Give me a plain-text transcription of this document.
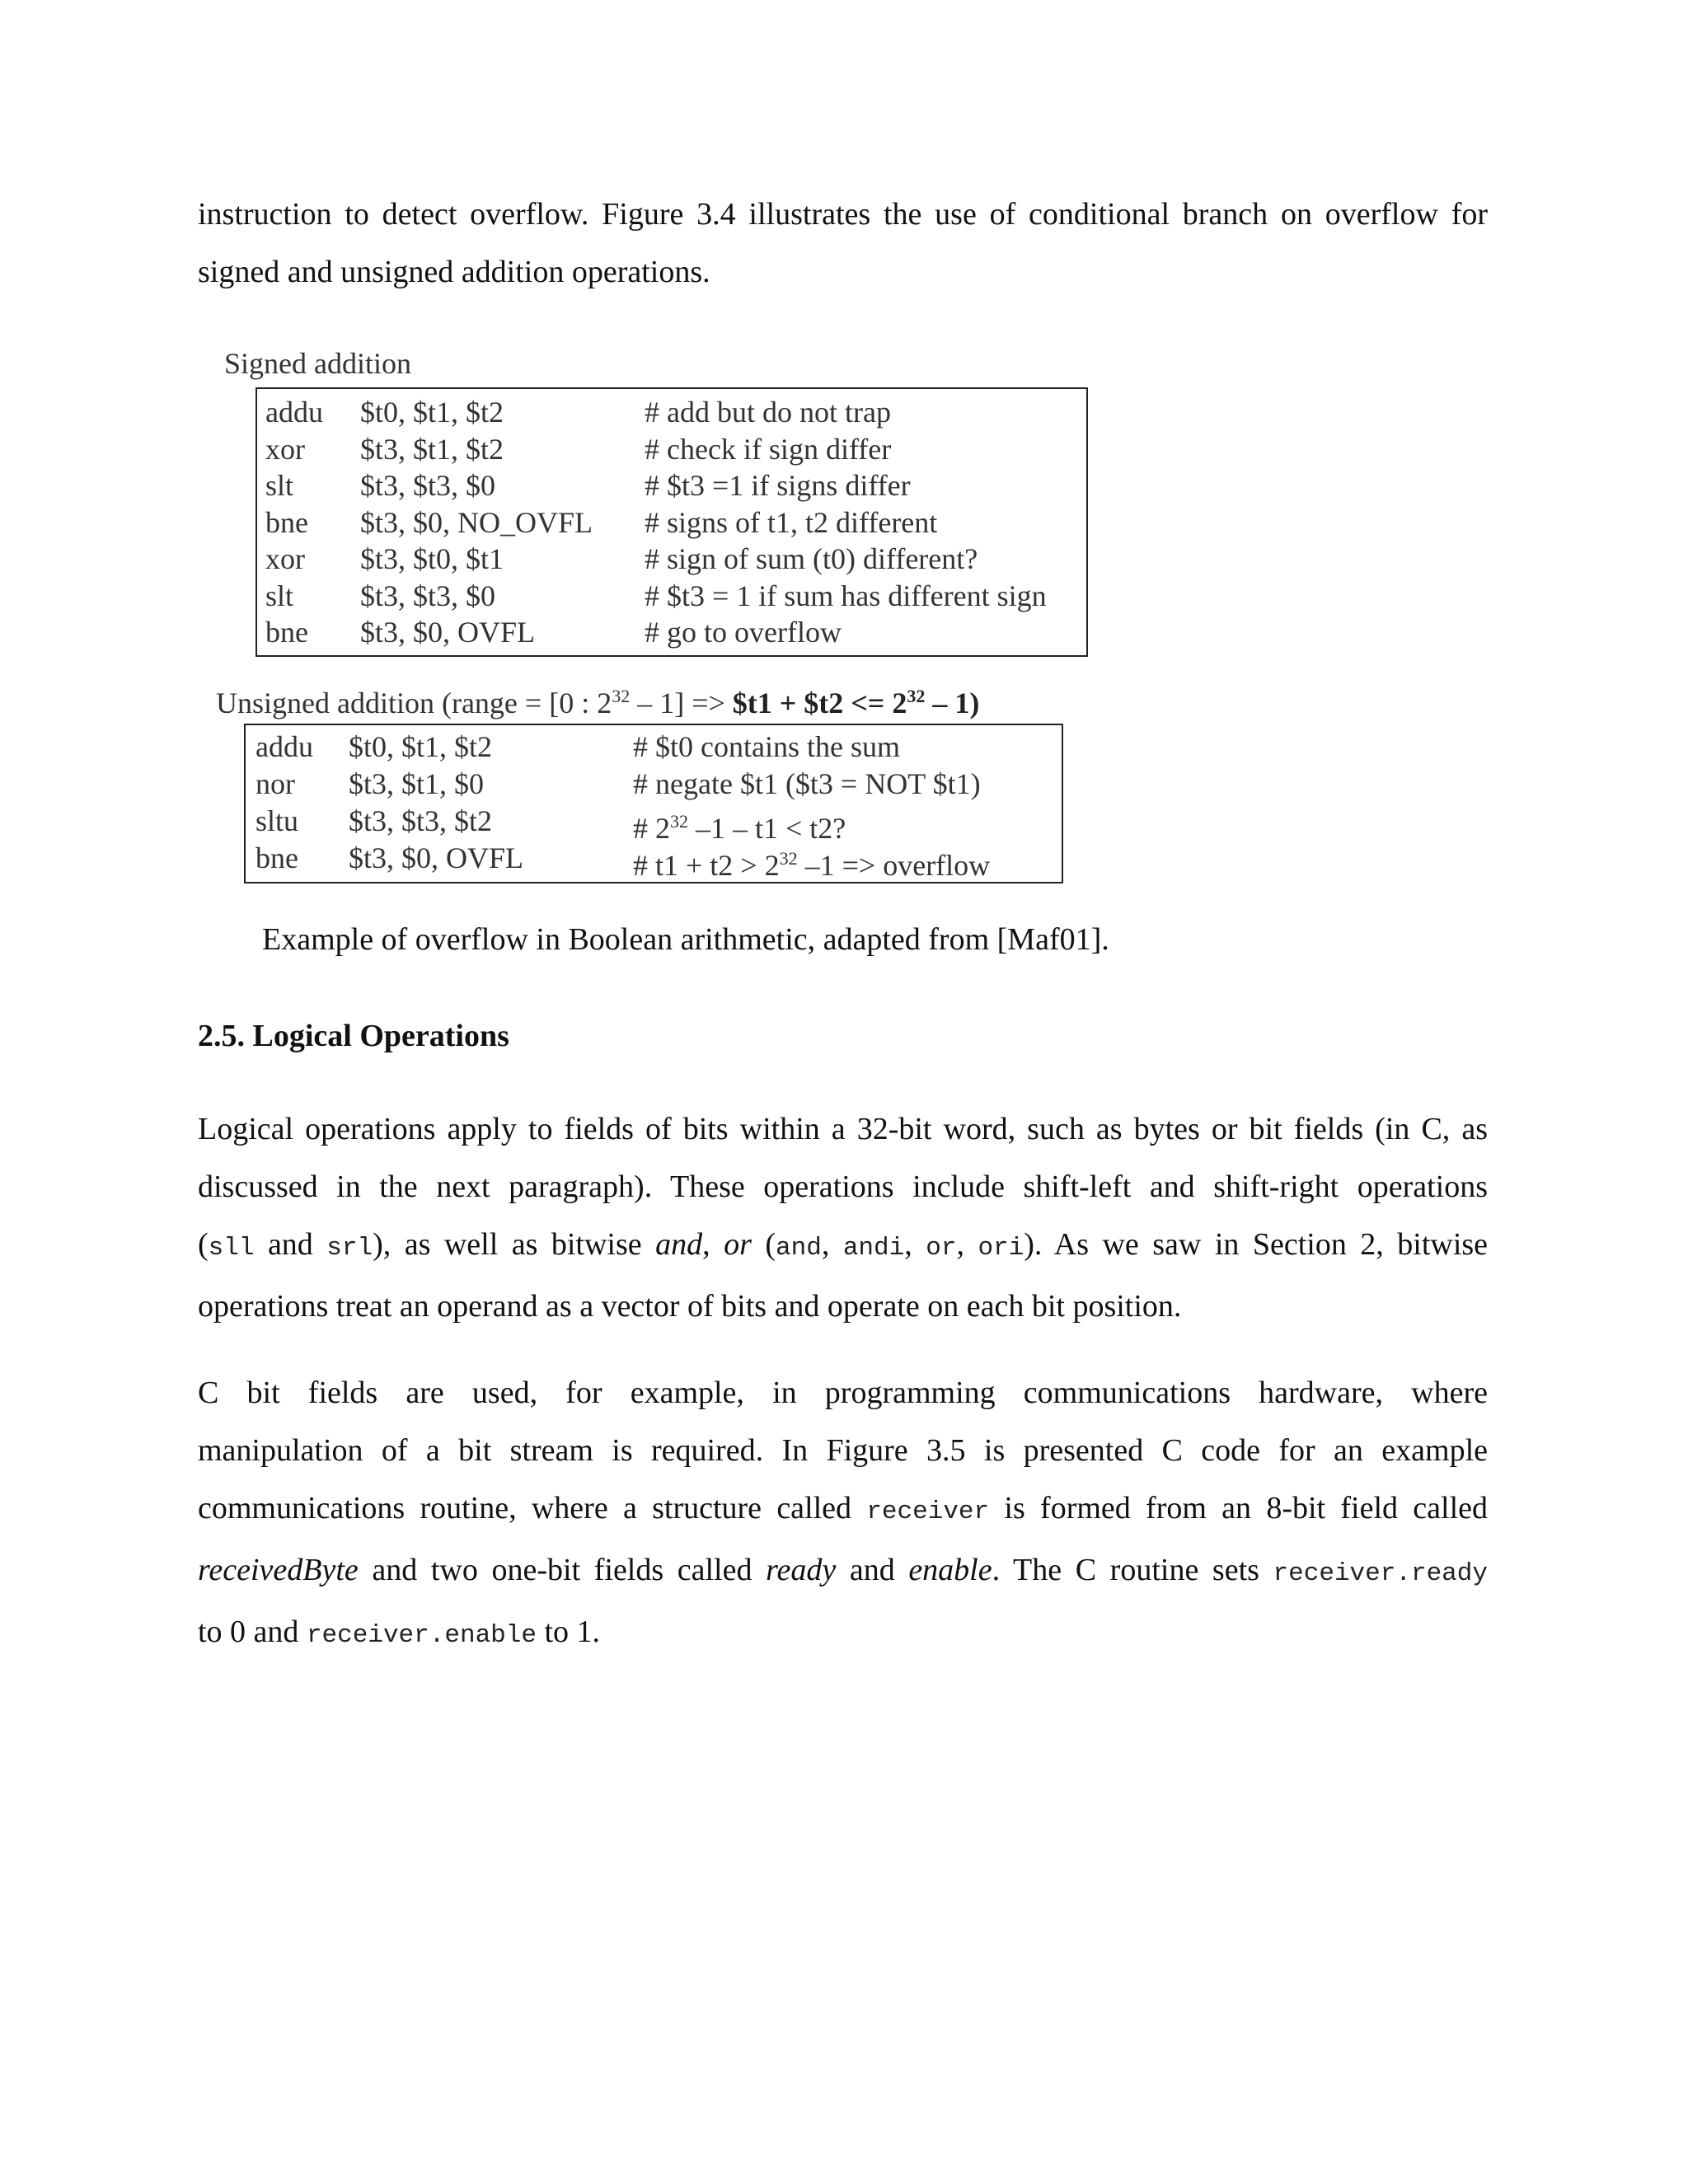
instruction to detect overflow. Figure 3.4 illustrates the use of conditional branch on overflow for
signed and unsigned addition operations.
Signed addition
addu $t0, $t1, $t2	# add but do not trap
xor $t3, $t1, $t2	# check if sign differ
slt $t3, $t3, $0	# $t3 =1 if signs differ
bne $t3, $0, NO_OVFL # signs of t1, t2 different
xor $t3, $t0, $t1	# sign of sum (t0) different?
slt $t3, $t3, $0	# $t3 = 1 if sum has different sign
bne $t3, $0, OVFL	# go to overflow
Unsigned addition (range = [0 : $2^{32} - 1$] => $t1 + $t2 <= $2^{32} - 1$)
addu $t0, $t1, $t2	# $t0 contains the sum
nor $t3, $t1, $0	# negate $t1 ($t3 = NOT $t1)
sltu $t3, $t3, $t2	# $2^{32}$ –1 – t1 < t2?
bne $t3, $0, OVFL	# $t1 + t2 > 2^{32}$ –1 => overflow
Example of overflow in Boolean arithmetic, adapted from [Maf01].
2.5. Logical Operations
Logical operations apply to fields of bits within a 32-bit word, such as bytes or bit fields (in C, as
discussed in the next paragraph). These operations include shift-left and shift-right operations
(sll and srl), as well as bitwise and, or (and, andi, or, ori). As we saw in Section 2, bitwise
operations treat an operand as a vector of bits and operate on each bit position.
C bit fields are used, for example, in programming communications hardware, where
manipulation of a bit stream is required. In Figure 3.5 is presented C code for an example
communications routine, where a structure called receiver is formed from an 8-bit field called
receivedByte and two one-bit fields called ready and enable. The C routine sets receiver.ready
to 0 and receiver.enable to 1.
